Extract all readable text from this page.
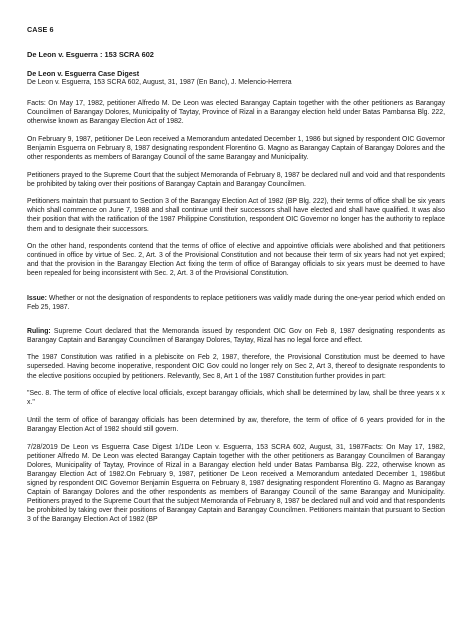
CASE 6
De Leon v. Esguerra : 153 SCRA 602
De Leon v. Esguerra Case Digest
De Leon v. Esguerra, 153 SCRA 602, August, 31, 1987 (En Banc), J. Melencio-Herrera

Facts: On May 17, 1982, petitioner Alfredo M. De Leon was elected Barangay Captain together with the other petitioners as Barangay Councilmen of Barangay Dolores, Municipality of Taytay, Province of Rizal in a Barangay election held under Batas Pambansa Blg. 222, otherwise known as Barangay Election Act of 1982.

On February 9, 1987, petitioner De Leon received a Memorandum antedated December 1, 1986 but signed by respondent OIC Governor Benjamin Esguerra on February 8, 1987 designating respondent Florentino G. Magno as Barangay Captain of Barangay Dolores and the other respondents as members of Barangay Council of the same Barangay and Municipality.

Petitioners prayed to the Supreme Court that the subject Memoranda of February 8, 1987 be declared null and void and that respondents be prohibited by taking over their positions of Barangay Captain and Barangay Councilmen.

Petitioners maintain that pursuant to Section 3 of the Barangay Election Act of 1982 (BP Blg. 222), their terms of office shall be six years which shall commence on June 7, 1988 and shall continue until their successors shall have elected and shall have qualified. It was also their position that with the ratification of the 1987 Philippine Constitution, respondent OIC Governor no longer has the authority to replace them and to designate their successors.

On the other hand, respondents contend that the terms of office of elective and appointive officials were abolished and that petitioners continued in office by virtue of Sec. 2, Art. 3 of the Provisional Constitution and not because their term of six years had not yet expired; and that the provision in the Barangay Election Act fixing the term of office of Barangay officials to six years must be deemed to have been repealed for being inconsistent with Sec. 2, Art. 3 of the Provisional Constitution.

Issue: Whether or not the designation of respondents to replace petitioners was validly made during the one-year period which ended on Feb 25, 1987.

Ruling: Supreme Court declared that the Memoranda issued by respondent OIC Gov on Feb 8, 1987 designating respondents as Barangay Captain and Barangay Councilmen of Barangay Dolores, Taytay, Rizal has no legal force and effect.

The 1987 Constitution was ratified in a plebiscite on Feb 2, 1987, therefore, the Provisional Constitution must be deemed to have superseded. Having become inoperative, respondent OIC Gov could no longer rely on Sec 2, Art 3, thereof to designate respondents to the elective positions occupied by petitioners. Relevantly, Sec 8, Art 1 of the 1987 Constitution further provides in part:

"Sec. 8. The term of office of elective local officials, except barangay officials, which shall be determined by law, shall be three years x x x."

Until the term of office of barangay officials has been determined by aw, therefore, the term of office of 6 years provided for in the Barangay Election Act of 1982 should still govern.

7/28/2019 De Leon vs Esguerra Case Digest 1/1De Leon v. Esguerra, 153 SCRA 602, August, 31, 1987Facts: On May 17, 1982, petitioner Alfredo M. De Leon was elected Barangay Captain together with the other petitioners as Barangay Councilmen of Barangay Dolores, Municipality of Taytay, Province of Rizal in a Barangay election held under Batas Pambansa Blg. 222, otherwise known as Barangay Election Act of 1982.On February 9, 1987, petitioner De Leon received a Memorandum antedated December 1, 1986but signed by respondent OIC Governor Benjamin Esguerra on February 8, 1987 designating respondent Florentino G. Magno as Barangay Captain of Barangay Dolores and the other respondents as members of Barangay Council of the same Barangay and Municipality. Petitioners prayed to the Supreme Court that the subject Memoranda of February 8, 1987 be declared null and void and that respondents be prohibited by taking over their positions of Barangay Captain and Barangay Councilmen. Petitioners maintain that pursuant to Section 3 of the Barangay Election Act of 1982 (BP
